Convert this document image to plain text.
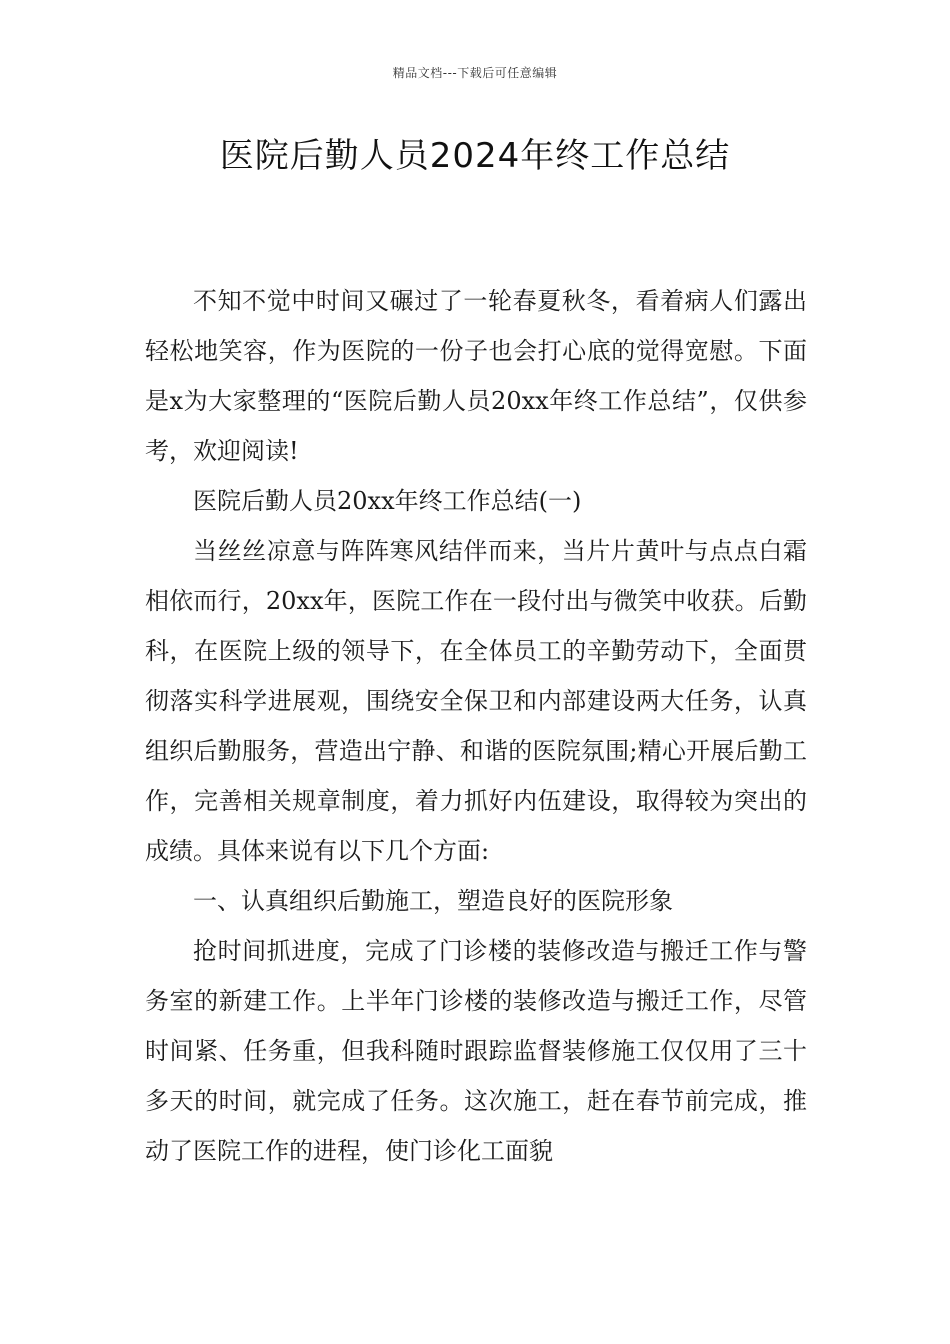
精品文档---下载后可任意编辑
医院后勤人员2024年终工作总结

不知不觉中时间又碾过了一轮春夏秋冬，看着病人们露出轻松地笑容，作为医院的一份子也会打心底的觉得宽慰。下面是x为大家整理的“医院后勤人员20xx年终工作总结”，仅供参考，欢迎阅读!

医院后勤人员20xx年终工作总结(一)

当丝丝凉意与阵阵寒风结伴而来，当片片黄叶与点点白霜相依而行，20xx年，医院工作在一段付出与微笑中收获。后勤科，在医院上级的领导下，在全体员工的辛勤劳动下，全面贯彻落实科学进展观，围绕安全保卫和内部建设两大任务，认真组织后勤服务，营造出宁静、和谐的医院氛围;精心开展后勤工作，完善相关规章制度，着力抓好内伍建设，取得较为突出的成绩。具体来说有以下几个方面:

一、认真组织后勤施工，塑造良好的医院形象

抢时间抓进度，完成了门诊楼的装修改造与搬迁工作与警务室的新建工作。上半年门诊楼的装修改造与搬迁工作，尽管时间紧、任务重，但我科随时跟踪监督装修施工仅仅用了三十多天的时间，就完成了任务。这次施工，赶在春节前完成，推动了医院工作的进程，使门诊化工面貌
